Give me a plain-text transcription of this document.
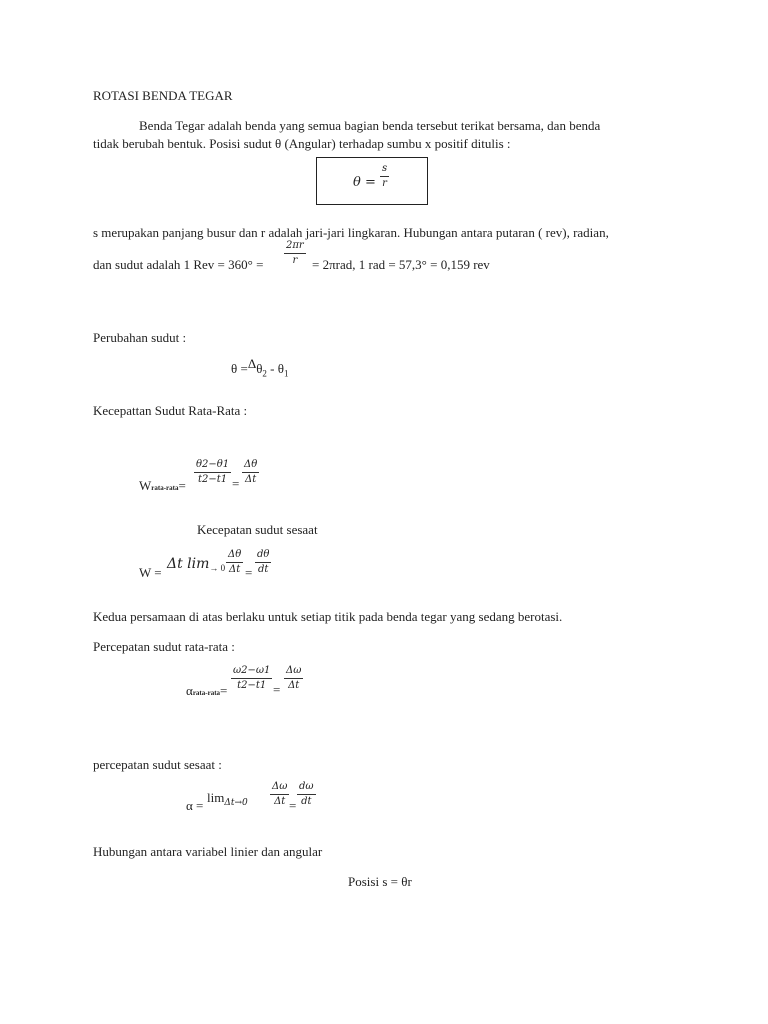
ROTASI BENDA TEGAR
Benda Tegar adalah benda yang semua bagian benda tersebut terikat bersama, dan benda
tidak berubah bentuk. Posisi sudut θ (Angular) terhadap sumbu x positif ditulis :
$\theta = \frac{s}{r}$
s merupakan panjang busur dan r adalah jari-jari lingkaran. Hubungan antara putaran ( rev), radian,
dan sudut adalah 1 Rev = $360^\circ = \frac{2\pi r}{r} = 2\pi rad$, 1 rad = 57,3° = 0,159 rev
Perubahan sudut :
$\theta =\Delta\theta_2 - \theta_1$
Kecepattan Sudut Rata-Rata :
Wrata-rata=
$\frac{\theta 2-\theta 1}{t2-t1} = \frac{\Delta\theta}{\Delta t}$
Kecepatan sudut sesaat
W =
Δt $\lim_{\to 0} \frac{\Delta\theta}{\Delta t} = \frac{d\theta}{dt}$
Kedua persamaan di atas berlaku untuk setiap titik pada benda tegar yang sedang berotasi.
Percepatan sudut rata-rata :
αrata-rata= $\frac{\omega 2-\omega 1}{t2-t1} = \frac{\Delta\omega}{\Delta t}$
percepatan sudut sesaat :
α =
$\lim_{\Delta t\to 0} \frac{\Delta\omega}{\Delta t} = \frac{d\omega}{dt}$
Hubungan antara variabel linier dan angular
Posisi s = θr
